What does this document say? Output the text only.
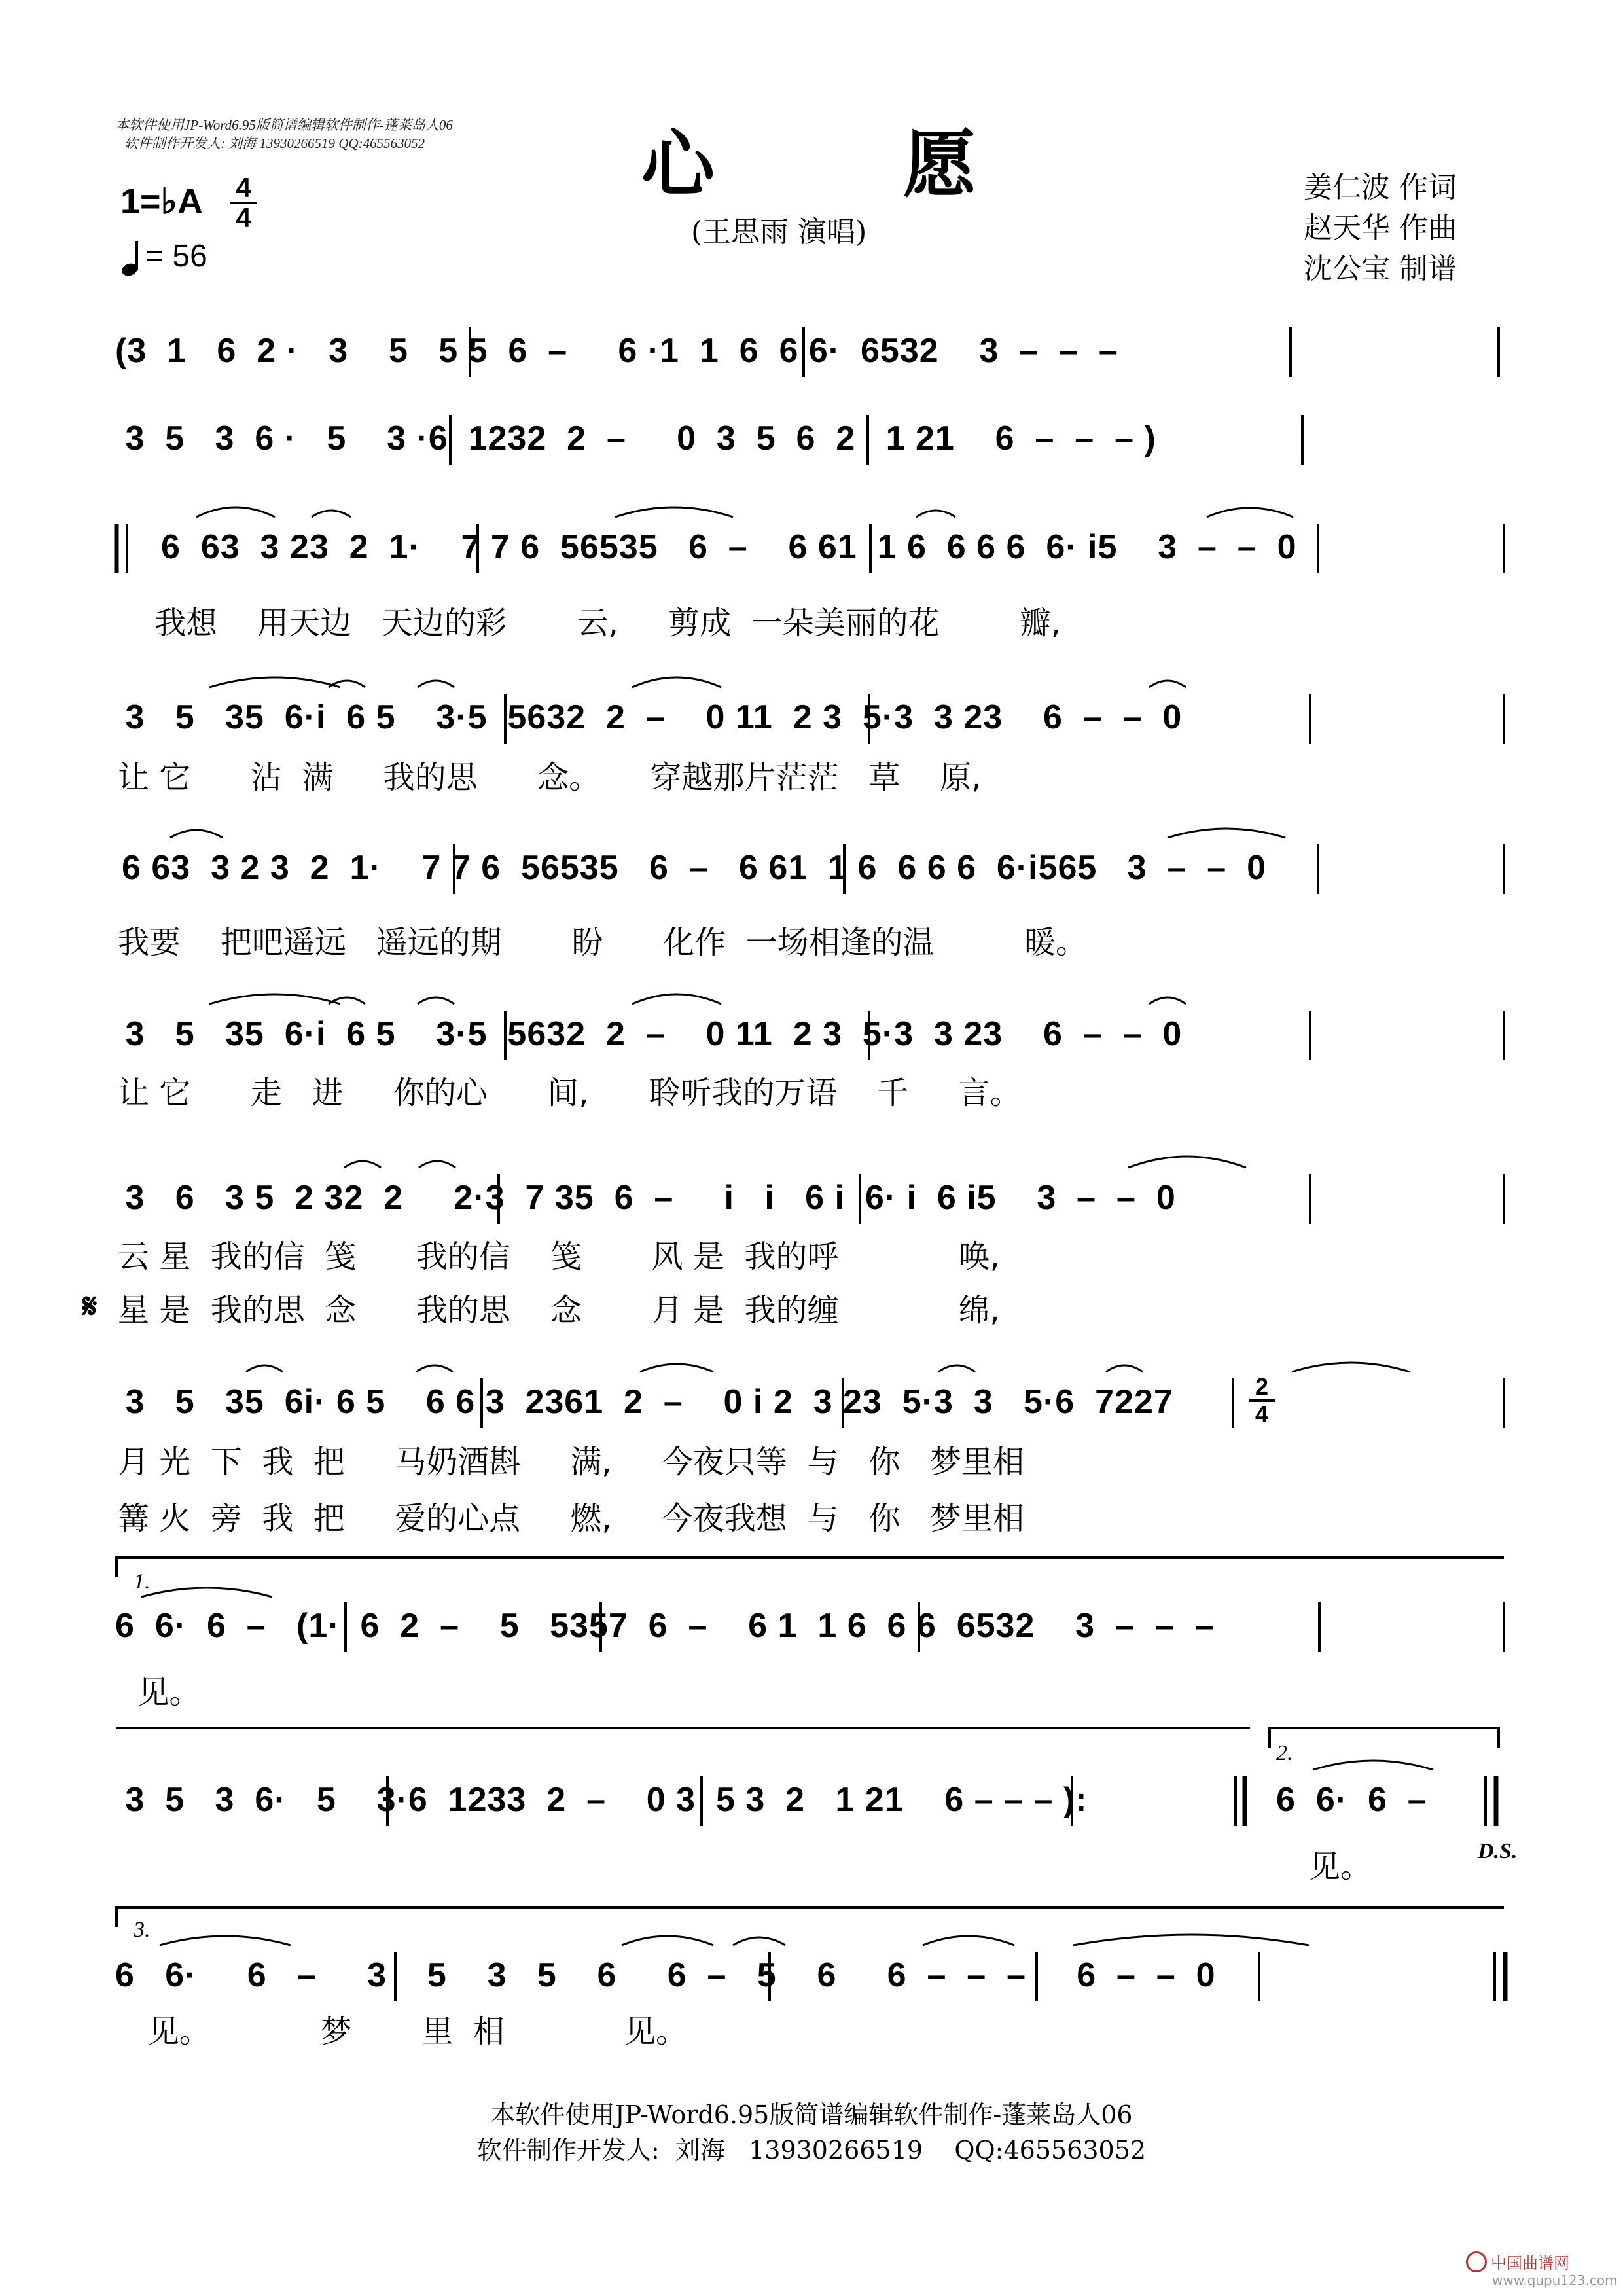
本软件使用JP-Word6.95版简谱编辑软件制作-蓬莱岛人06
软件制作开发人: 刘海 13930266519 QQ:465563052	心	愿
(王思雨 演唱)
1=♭A 4
4
= 56
姜仁波 作词
赵天华 作曲
沈公宝 制谱
(3  1   6  2 ·   3    5   5 5  6  –     6 ·1  1  6  6 6·  6532    3  –  –  –
3  5   3  6 ·   5    3 ·6  1232  2  –     0  3  5  6  2   1 21    6  –  –  – )
6  63  3 23  2  1·    7 7 6  56535   6  –    6 61  1 6  6 6 6  6· i5    3  –  –  0
我想    用天边   天边的彩       云,     剪成  一朵美丽的花        瓣,
3   5   35  6·i  6 5    3·5  5632  2  –    0 11  2 3  5·3  3 23    6  –  –  0
让 它      沾  满     我的思      念。     穿越那片茫茫   草    原,
6 63  3 2 3  2  1·    7 7 6  56535   6  –   6 61  1 6  6 6 6  6·i565   3  –  –  0
我要    把吧遥远   遥远的期       盼      化作  一场相逢的温         暖。
3   5   35  6·i  6 5    3·5  5632  2  –    0 11  2 3  5·3  3 23    6  –  –  0
让 它      走   进     你的心      间,      聆听我的万语    千     言。
3   6   3 5  2 32  2     2·3  7 35  6  –     i   i   6 i  6· i  6 i5    3  –  –  0
云 星  我的信  笺      我的信    笺       风 是  我的呼            唤,
星 是  我的思  念      我的思    念       月 是  我的缠            绵,
𝄋
3   5   35  6i· 6 5    6 6 3  2361  2  –    0 i 2  3 23  5·3  3   5·6  7227	2
4
月 光  下  我  把     马奶酒斟     满,     今夜只等  与   你   梦里相
篝 火  旁  我  把     爱的心点     燃,     今夜我想  与   你   梦里相
1.
6  6·  6  –   (1·  6  2  –    5   5357  6  –    6 1  1 6  6 6  6532    3  –  –  –
见。
3  5   3  6·   5    3·6  1233  2  –    0 3  5 3  2   1 21    6 – – – ):
2.
6  6·  6  –
见。	D.S.
3.
6   6·     6   –     3    5    3   5    6     6  –   5    6     6  –  –  –     6  –  –  0
见。           梦       里  相            见。
本软件使用JP-Word6.95版简谱编辑软件制作-蓬莱岛人06
软件制作开发人:  刘海   13930266519    QQ:465563052
中国曲谱网
www.qupu123.com
